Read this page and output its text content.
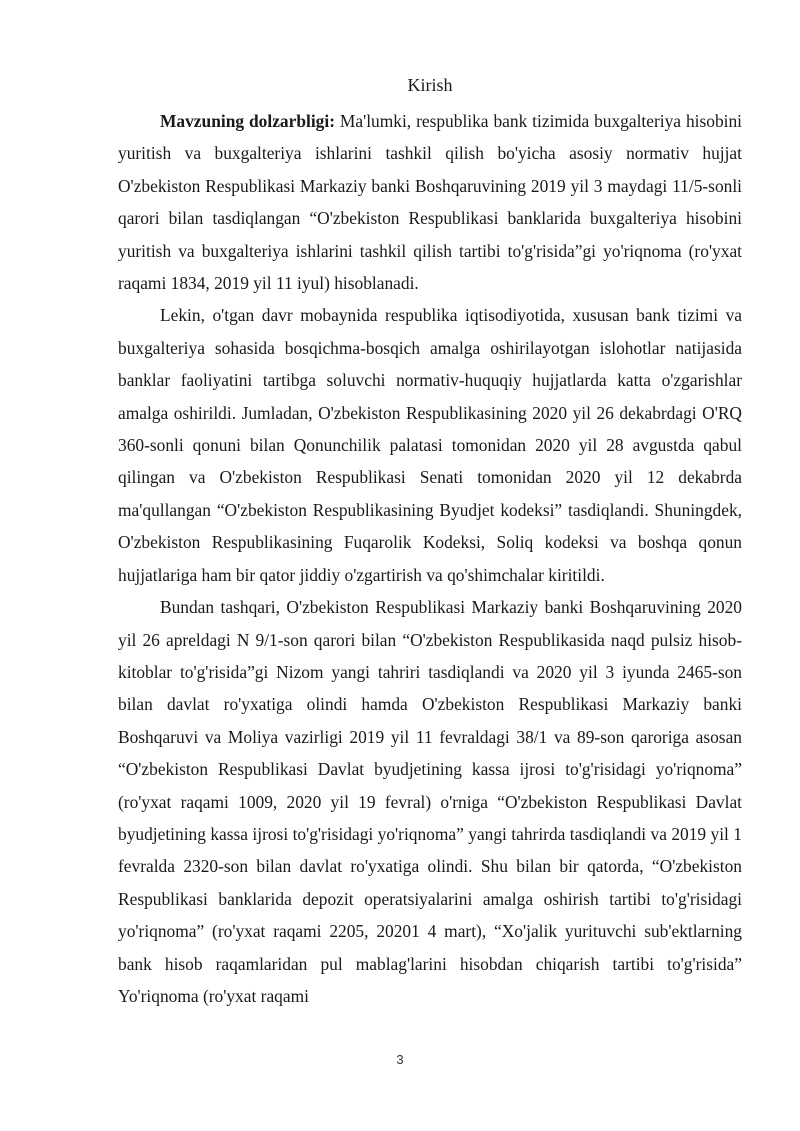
Kirish

Mavzuning dolzarbligi: Ma'lumki, respublika bank tizimida buxgalteriya hisobini yuritish va buxgalteriya ishlarini tashkil qilish bo'yicha asosiy normativ hujjat O'zbekiston Respublikasi Markaziy banki Boshqaruvining 2019 yil 3 maydagi 11/5-sonli qarori bilan tasdiqlangan “O'zbekiston Respublikasi banklarida buxgalteriya hisobini yuritish va buxgalteriya ishlarini tashkil qilish tartibi to'g'risida”gi yo'riqnoma (ro'yxat raqami 1834, 2019 yil 11 iyul) hisoblanadi.

Lekin, o'tgan davr mobaynida respublika iqtisodiyotida, xususan bank tizimi va buxgalteriya sohasida bosqichma-bosqich amalga oshirilayotgan islohotlar natijasida banklar faoliyatini tartibga soluvchi normativ-huquqiy hujjatlarda katta o'zgarishlar amalga oshirildi. Jumladan, O'zbekiston Respublikasining 2020 yil 26 dekabrdagi O'RQ 360-sonli qonuni bilan Qonunchilik palatasi tomonidan 2020 yil 28 avgustda qabul qilingan va O'zbekiston Respublikasi Senati tomonidan 2020 yil 12 dekabrda ma'qullangan “O'zbekiston Respublikasining Byudjet kodeksi” tasdiqlandi. Shuningdek, O'zbekiston Respublikasining Fuqarolik Kodeksi, Soliq kodeksi va boshqa qonun hujjatlariga ham bir qator jiddiy o'zgartirish va qo'shimchalar kiritildi.

Bundan tashqari, O'zbekiston Respublikasi Markaziy banki Boshqaruvining 2020 yil 26 apreldagi N 9/1-son qarori bilan “O'zbekiston Respublikasida naqd pulsiz hisob-kitoblar to'g'risida”gi Nizom yangi tahriri tasdiqlandi va 2020 yil 3 iyunda 2465-son bilan davlat ro'yxatiga olindi hamda O'zbekiston Respublikasi Markaziy banki Boshqaruvi va Moliya vazirligi 2019 yil 11 fevraldagi 38/1 va 89-son qaroriga asosan “O'zbekiston Respublikasi Davlat byudjetining kassa ijrosi to'g'risidagi yo'riqnoma” (ro'yxat raqami 1009, 2020 yil 19 fevral) o'rniga “O'zbekiston Respublikasi Davlat byudjetining kassa ijrosi to'g'risidagi yo'riqnoma” yangi tahrirda tasdiqlandi va 2019 yil 1 fevralda 2320-son bilan davlat ro'yxatiga olindi. Shu bilan bir qatorda, “O'zbekiston Respublikasi banklarida depozit operatsiyalarini amalga oshirish tartibi to'g'risidagi yo'riqnoma” (ro'yxat raqami 2205, 20201 4 mart), “Xo'jalik yurituvchi sub'ektlarning bank hisob raqamlaridan pul mablag'larini hisobdan chiqarish tartibi to'g'risida” Yo'riqnoma (ro'yxat raqami

3
